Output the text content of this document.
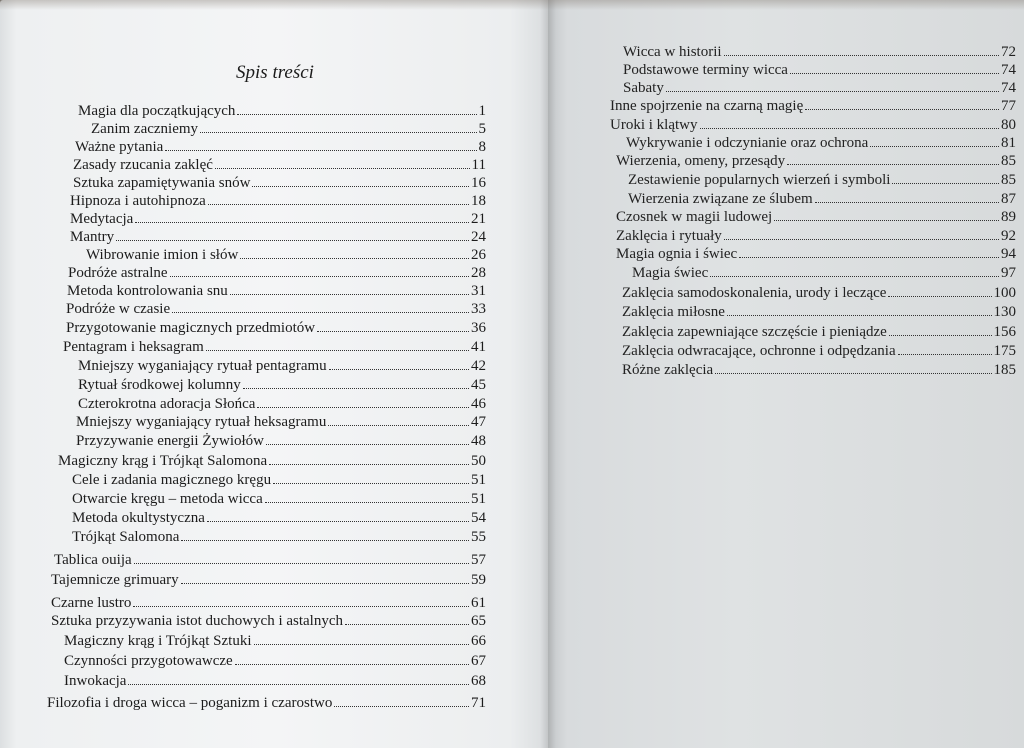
Spis treści
Magia dla początkujących	1
Zanim zaczniemy	5
Ważne pytania	8
Zasady rzucania zaklęć	11
Sztuka zapamiętywania snów	16
Hipnoza i autohipnoza	18
Medytacja	21
Mantry	24
Wibrowanie imion i słów	26
Podróże astralne	28
Metoda kontrolowania snu	31
Podróże w czasie	33
Przygotowanie magicznych przedmiotów	36
Pentagram i heksagram	41
Mniejszy wyganiający rytuał pentagramu	42
Rytuał środkowej kolumny	45
Czterokrotna adoracja Słońca	46
Mniejszy wyganiający rytuał heksagramu	47
Przyzywanie energii Żywiołów	48
Magiczny krąg i Trójkąt Salomona	50
Cele i zadania magicznego kręgu	51
Otwarcie kręgu – metoda wicca	51
Metoda okultystyczna	54
Trójkąt Salomona	55
Tablica ouija	57
Tajemnicze grimuary	59
Czarne lustro	61
Sztuka przyzywania istot duchowych i astalnych	65
Magiczny krąg i Trójkąt Sztuki	66
Czynności przygotowawcze	67
Inwokacja	68
Filozofia i droga wicca – poganizm i czarostwo	71
Wicca w historii	72
Podstawowe terminy wicca	74
Sabaty	74
Inne spojrzenie na czarną magię	77
Uroki i klątwy	80
Wykrywanie i odczynianie oraz ochrona	81
Wierzenia, omeny, przesądy	85
Zestawienie popularnych wierzeń i symboli	85
Wierzenia związane ze ślubem	87
Czosnek w magii ludowej	89
Zaklęcia i rytuały	92
Magia ognia i świec	94
Magia świec	97
Zaklęcia samodoskonalenia, urody i leczące	100
Zaklęcia miłosne	130
Zaklęcia zapewniające szczęście i pieniądze	156
Zaklęcia odwracające, ochronne i odpędzania	175
Różne zaklęcia	185
